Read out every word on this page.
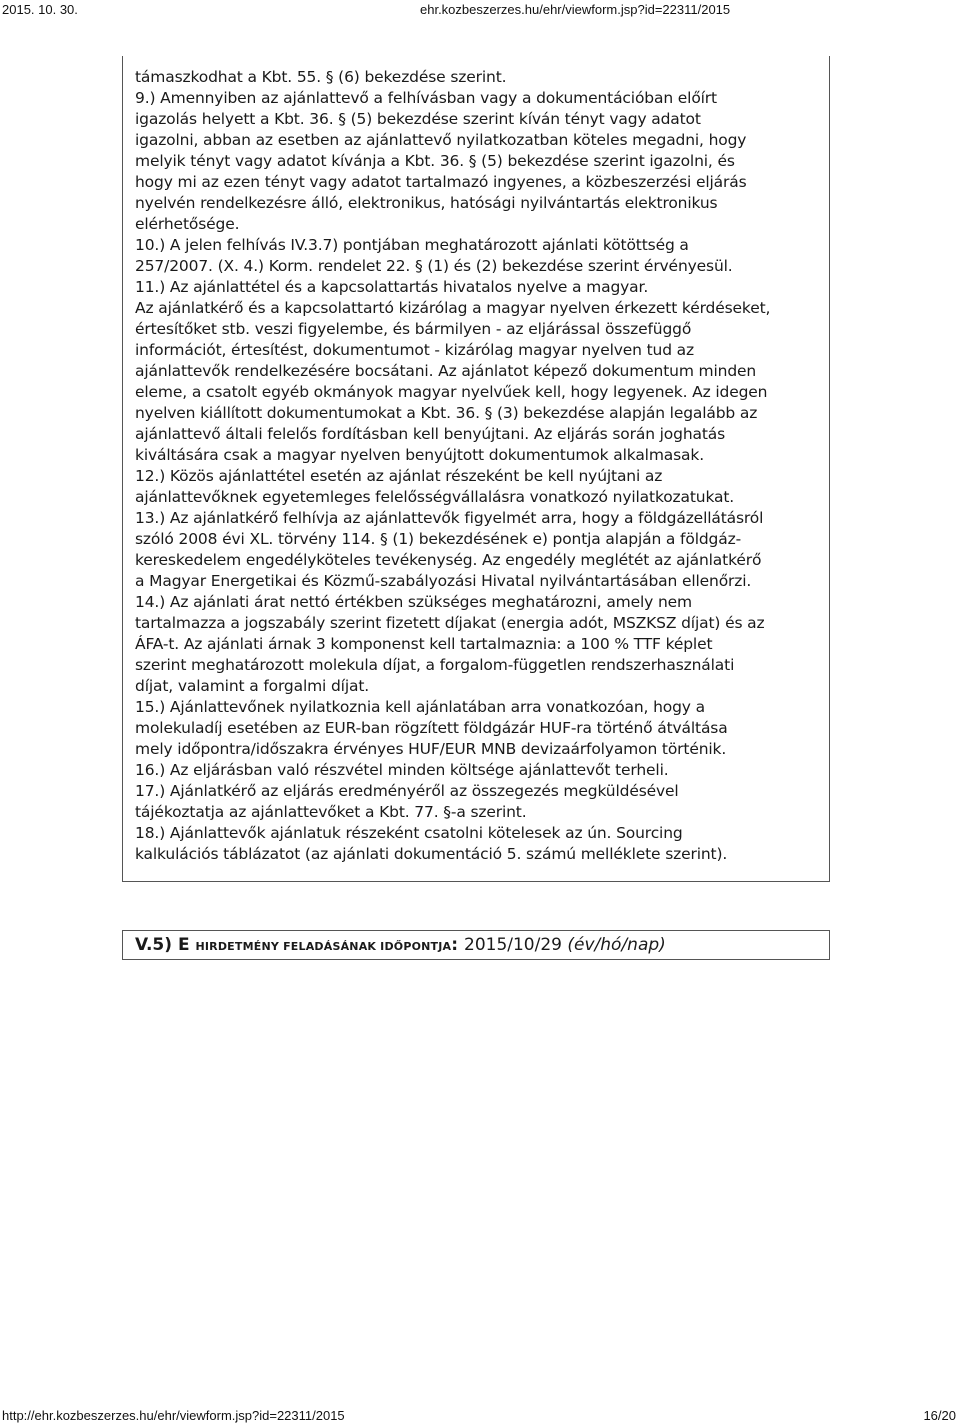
2015. 10. 30.	ehr.kozbeszerzes.hu/ehr/viewform.jsp?id=22311/2015

támaszkodhat a Kbt. 55. § (6) bekezdése szerint.

9.) Amennyiben az ajánlattevő a felhívásban vagy a dokumentációban előírt

igazolás helyett a Kbt. 36. § (5) bekezdése szerint kíván tényt vagy adatot

igazolni, abban az esetben az ajánlattevő nyilatkozatban köteles megadni, hogy

melyik tényt vagy adatot kívánja a Kbt. 36. § (5) bekezdése szerint igazolni, és

hogy mi az ezen tényt vagy adatot tartalmazó ingyenes, a közbeszerzési eljárás

nyelvén rendelkezésre álló, elektronikus, hatósági nyilvántartás elektronikus

elérhetősége.

10.) A jelen felhívás IV.3.7) pontjában meghatározott ajánlati kötöttség a

257/2007. (X. 4.) Korm. rendelet 22. § (1) és (2) bekezdése szerint érvényesül.

11.) Az ajánlattétel és a kapcsolattartás hivatalos nyelve a magyar.

Az ajánlatkérő és a kapcsolattartó kizárólag a magyar nyelven érkezett kérdéseket,

értesítőket stb. veszi figyelembe, és bármilyen - az eljárással összefüggő

információt, értesítést, dokumentumot - kizárólag magyar nyelven tud az

ajánlattevők rendelkezésére bocsátani. Az ajánlatot képező dokumentum minden

eleme, a csatolt egyéb okmányok magyar nyelvűek kell, hogy legyenek. Az idegen

nyelven kiállított dokumentumokat a Kbt. 36. § (3) bekezdése alapján legalább az

ajánlattevő általi felelős fordításban kell benyújtani. Az eljárás során joghatás

kiváltására csak a magyar nyelven benyújtott dokumentumok alkalmasak.

12.) Közös ajánlattétel esetén az ajánlat részeként be kell nyújtani az

ajánlattevőknek egyetemleges felelősségvállalásra vonatkozó nyilatkozatukat.

13.) Az ajánlatkérő felhívja az ajánlattevők figyelmét arra, hogy a földgázellátásról

szóló 2008 évi XL. törvény 114. § (1) bekezdésének e) pontja alapján a földgáz-

kereskedelem engedélyköteles tevékenység. Az engedély meglétét az ajánlatkérő

a Magyar Energetikai és Közmű-szabályozási Hivatal nyilvántartásában ellenőrzi.

14.) Az ajánlati árat nettó értékben szükséges meghatározni, amely nem

tartalmazza a jogszabály szerint fizetett díjakat (energia adót, MSZKSZ díjat) és az

ÁFA-t. Az ajánlati árnak 3 komponenst kell tartalmaznia: a 100 % TTF képlet

szerint meghatározott molekula díjat, a forgalom-független rendszerhasználati

díjat, valamint a forgalmi díjat.

15.) Ajánlattevőnek nyilatkoznia kell ajánlatában arra vonatkozóan, hogy a

molekuladíj esetében az EUR-ban rögzített földgázár HUF-ra történő átváltása

mely időpontra/időszakra érvényes HUF/EUR MNB devizaárfolyamon történik.

16.) Az eljárásban való részvétel minden költsége ajánlattevőt terheli.

17.) Ajánlatkérő az eljárás eredményéről az összegezés megküldésével

tájékoztatja az ajánlattevőket a Kbt. 77. §-a szerint.

18.) Ajánlattevők ajánlatuk részeként csatolni kötelesek az ún. Sourcing

kalkulációs táblázatot (az ajánlati dokumentáció 5. számú melléklete szerint).

V.5) E HIRDETMÉNY FELADÁSÁNAK IDŐPONTJA: 2015/10/29 (év/hó/nap)
http://ehr.kozbeszerzes.hu/ehr/viewform.jsp?id=22311/2015	16/20
